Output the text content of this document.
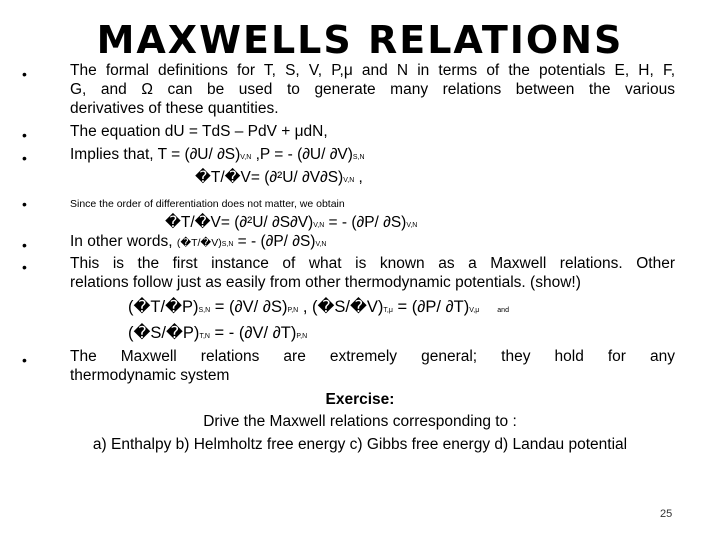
MAXWELLS RELATIONS
•	The formal definitions for T, S, V, P,μ and N in terms of the potentials E, H, F,
G, and Ω can be used to generate many relations between the various
derivatives of these quantities.
•	The equation dU = TdS – PdV + μdN,
•	Implies that, T = (∂U/ ∂S)V,N ,P = - (∂U/ ∂V)S,N
�T/�V= (∂²U/ ∂V∂S)V,N ,
•	Since the order of differentiation does not matter, we obtain
�T/�V= (∂²U/ ∂S∂V)V,N = - (∂P/ ∂S)V,N
•	In other words, (�T/�V)S,N = - (∂P/ ∂S)V,N
•	This is the first instance of what is known as a Maxwell relations. Other
relations follow just as easily from other thermodynamic potentials. (show!)
(�T/�P)S,N = (∂V/ ∂S)P,N , (�S/�V)T,μ = (∂P/ ∂T)V,μ	and
(�S/�P)T,N = - (∂V/ ∂T)P,N
•	The Maxwell relations are extremely general; they hold for any
thermodynamic system
Exercise:
Drive the Maxwell relations corresponding to :
a) Enthalpy b) Helmholtz free energy c) Gibbs free energy d) Landau potential
25
